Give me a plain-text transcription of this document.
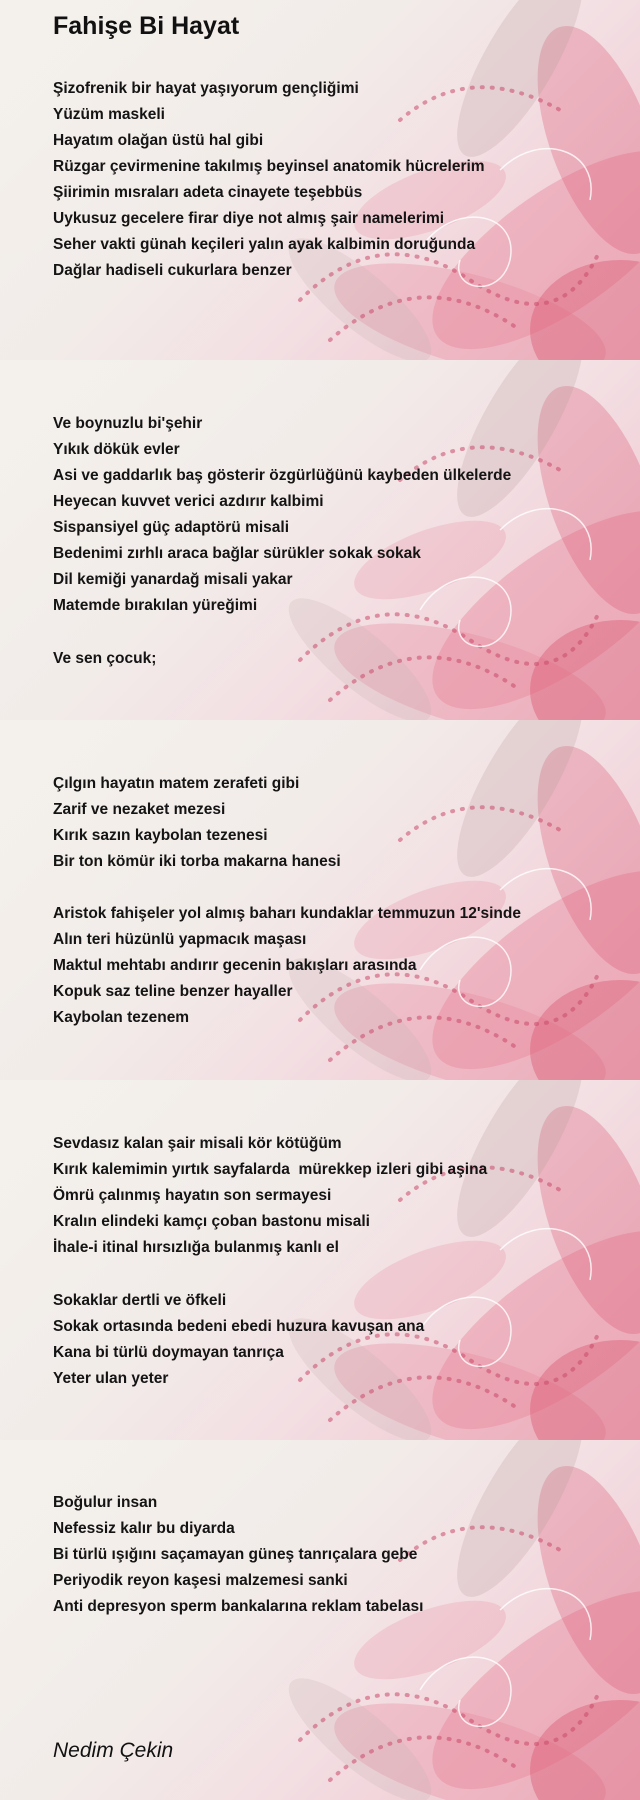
Fahişe Bi Hayat
Şizofrenik bir hayat yaşıyorum gençliğimi
Yüzüm maskeli
Hayatım olağan üstü hal gibi
Rüzgar çevirmenine takılmış beyinsel anatomik hücrelerim
Şiirimin mısraları adeta cinayete teşebbüs
Uykusuz gecelere firar diye not almış şair namelerimi
Seher vakti günah keçileri yalın ayak kalbimin doruğunda
Dağlar hadiseli cukurlara benzer
Ve boynuzlu bi'şehir
Yıkık dökük evler
Asi ve gaddarlık baş gösterir özgürlüğünü kaybeden ülkelerde
Heyecan kuvvet verici azdırır kalbimi
Sispansiyel güç adaptörü misali
Bedenimi zırhlı araca bağlar sürükler sokak sokak
Dil kemiği yanardağ misali yakar
Matemde bırakılan yüreğimi
Ve sen çocuk;
Çılgın hayatın matem zerafeti gibi
Zarif ve nezaket mezesi
Kırık sazın kaybolan tezenesi
Bir ton kömür iki torba makarna hanesi
Aristok fahişeler yol almış baharı kundaklar temmuzun 12'sinde
Alın teri hüzünlü yapmacık maşası
Maktul mehtabı andırır gecenin bakışları arasında
Kopuk saz teline benzer hayaller
Kaybolan tezenem
Sevdasız kalan şair misali kör kötüğüm
Kırık kalemimin yırtık sayfalarda  mürekkep izleri gibi aşina
Ömrü çalınmış hayatın son sermayesi
Kralın elindeki kamçı çoban bastonu misali
İhale-i itinal hırsızlığa bulanmış kanlı el
Sokaklar dertli ve öfkeli
Sokak ortasında bedeni ebedi huzura kavuşan ana
Kana bi türlü doymayan tanrıça
Yeter ulan yeter
Boğulur insan
Nefessiz kalır bu diyarda
Bi türlü ışığını saçamayan güneş tanrıçalara gebe
Periyodik reyon kaşesi malzemesi sanki
Anti depresyon sperm bankalarına reklam tabelası
Nedim Çekin
